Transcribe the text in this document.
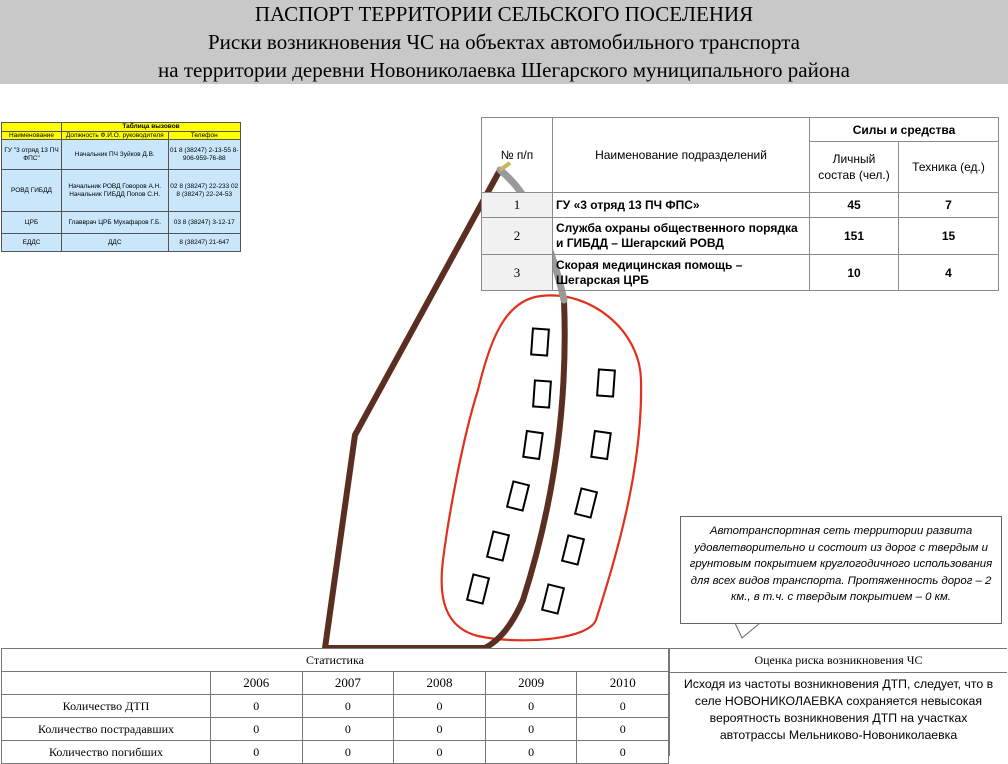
ПАСПОРТ ТЕРРИТОРИИ СЕЛЬСКОГО ПОСЕЛЕНИЯ
Риски возникновения ЧС на объектах автомобильного транспорта
на территории деревни Новониколаевка Шегарского муниципального района
	Таблица вызовов	
Наименование	Должность Ф.И.О. руководителя	Телефон
ГУ "3 отряд 13 ПЧ ФПС"	Начальник ПЧ Зуйков Д.В.	01 8 (38247) 2-13-55 8-906-959-76-88
РОВД ГИБДД	Начальник РОВД Говоров А.Н. Начальник ГИБДД Попов С.Н.	02 8 (38247) 22-233 02 8 (38247) 22-24-53
ЦРБ	Главврач ЦРБ Мухафаров Г.Б.	03 8 (38247) 3-12-17
ЕДДС	ДДС	8 (38247) 21-647
№ п/п	Наименование подразделений	Силы и средства	
		Личный состав (чел.)	Техника (ед.)
1	ГУ «3 отряд 13 ПЧ ФПС»	45	7
2	Служба охраны общественного порядка и ГИБДД – Шегарский РОВД	151	15
3	Скорая медицинская помощь – Шегарская ЦРБ	10	4
Автотранспортная сеть территории развита удовлетворительно и состоит из дорог с твердым и грунтовым покрытием круглогодичного использования для всех видов транспорта. Протяженность дорог – 2 км., в т.ч. с твердым покрытием – 0 км.
Статистика					
	2006	2007	2008	2009	2010
Количество ДТП	0	0	0	0	0
Количество пострадавших	0	0	0	0	0
Количество погибших	0	0	0	0	0
Оценка риска возникновения ЧС
Исходя из частоты возникновения ДТП, следует, что в селе НОВОНИКОЛАЕВКА сохраняется невысокая вероятность возникновения ДТП на участках автотрассы Мельниково-Новониколаевка
